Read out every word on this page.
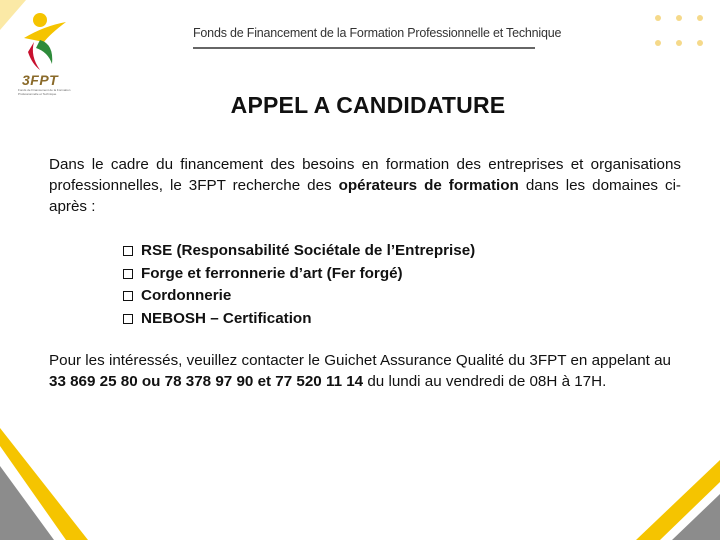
3FPT
Fonds de Financement de la Formation Professionnelle et Technique
Fonds de Financement de la Formation Professionnelle et Technique
APPEL A CANDIDATURE
Dans le cadre du financement des besoins en formation des entreprises et organisations professionnelles, le 3FPT recherche des opérateurs de formation dans les domaines ci-après :
RSE (Responsabilité Sociétale de l’Entreprise)
Forge et ferronnerie d’art (Fer forgé)
Cordonnerie
NEBOSH – Certification
Pour les intéressés, veuillez contacter le Guichet Assurance Qualité du 3FPT en appelant au33 869 25 80 ou 78 378 97 90 et 77 520 11 14 du lundi au vendredi de 08H à 17H.
